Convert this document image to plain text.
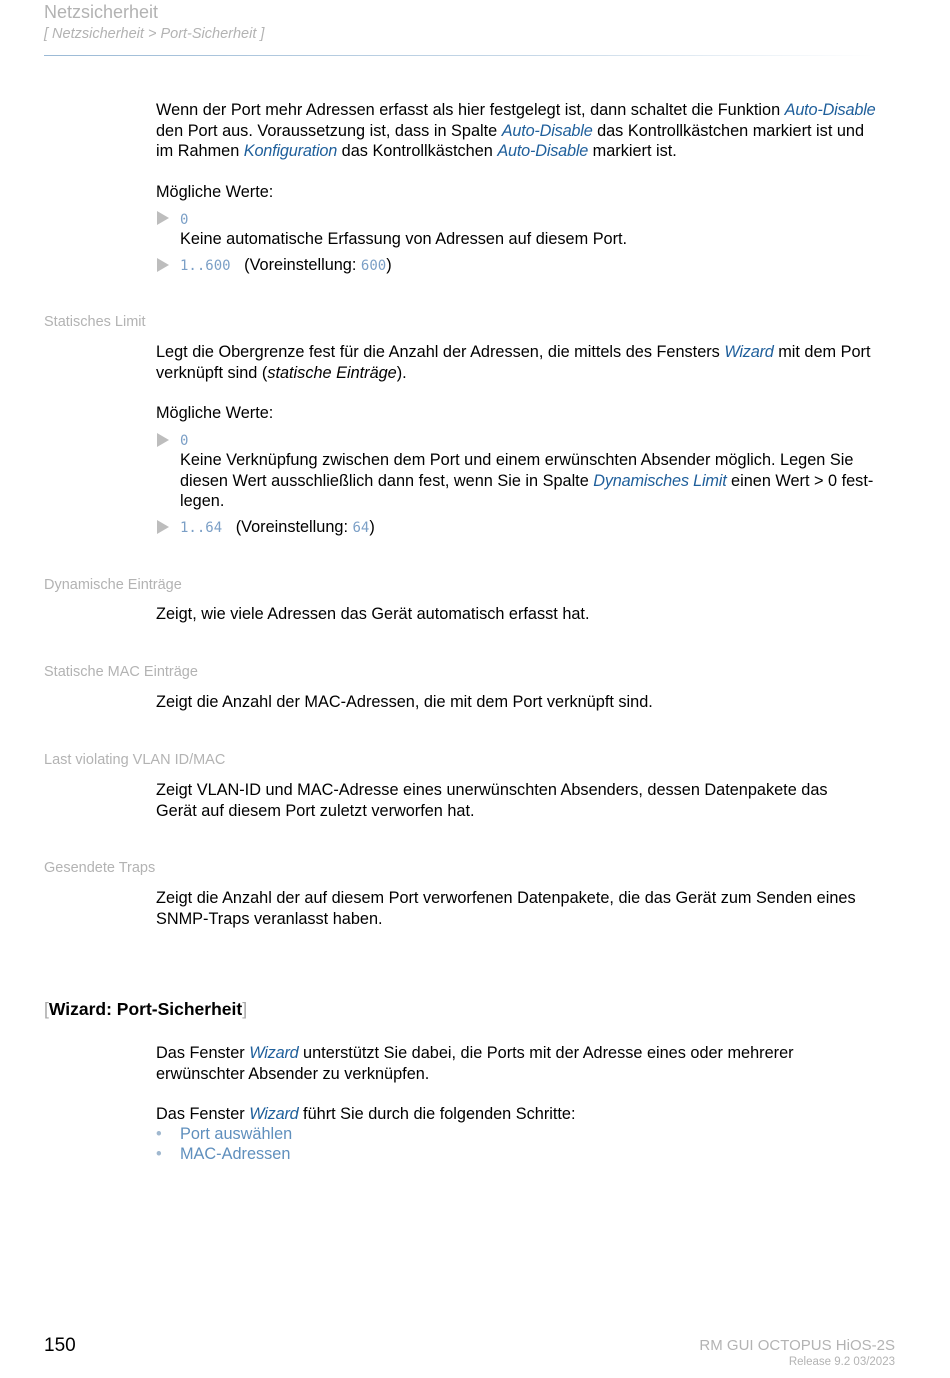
Netzsicherheit
[ Netzsicherheit > Port-Sicherheit ]
Wenn der Port mehr Adressen erfasst als hier festgelegt ist, dann schaltet die Funktion Auto-Disable
den Port aus. Voraussetzung ist, dass in Spalte Auto-Disable das Kontrollkästchen markiert ist und
im Rahmen Konfiguration das Kontrollkästchen Auto-Disable markiert ist.
Mögliche Werte:
0
Keine automatische Erfassung von Adressen auf diesem Port.
1..600 (Voreinstellung: 600)
Statisches Limit
Legt die Obergrenze fest für die Anzahl der Adressen, die mittels des Fensters Wizard mit dem Port
verknüpft sind (statische Einträge).
Mögliche Werte:
0
Keine Verknüpfung zwischen dem Port und einem erwünschten Absender möglich. Legen Sie
diesen Wert ausschließlich dann fest, wenn Sie in Spalte Dynamisches Limit einen Wert > 0 fest-
legen.
1..64 (Voreinstellung: 64)
Dynamische Einträge
Zeigt, wie viele Adressen das Gerät automatisch erfasst hat.
Statische MAC Einträge
Zeigt die Anzahl der MAC-Adressen, die mit dem Port verknüpft sind.
Last violating VLAN ID/MAC
Zeigt VLAN-ID und MAC-Adresse eines unerwünschten Absenders, dessen Datenpakete das
Gerät auf diesem Port zuletzt verworfen hat.
Gesendete Traps
Zeigt die Anzahl der auf diesem Port verworfenen Datenpakete, die das Gerät zum Senden eines
SNMP-Traps veranlasst haben.
[Wizard: Port-Sicherheit]
Das Fenster Wizard unterstützt Sie dabei, die Ports mit der Adresse eines oder mehrerer
erwünschter Absender zu verknüpfen.
Das Fenster Wizard führt Sie durch die folgenden Schritte:
• Port auswählen
• MAC-Adressen
150	RM GUI OCTOPUS HiOS-2S
Release 9.2 03/2023
